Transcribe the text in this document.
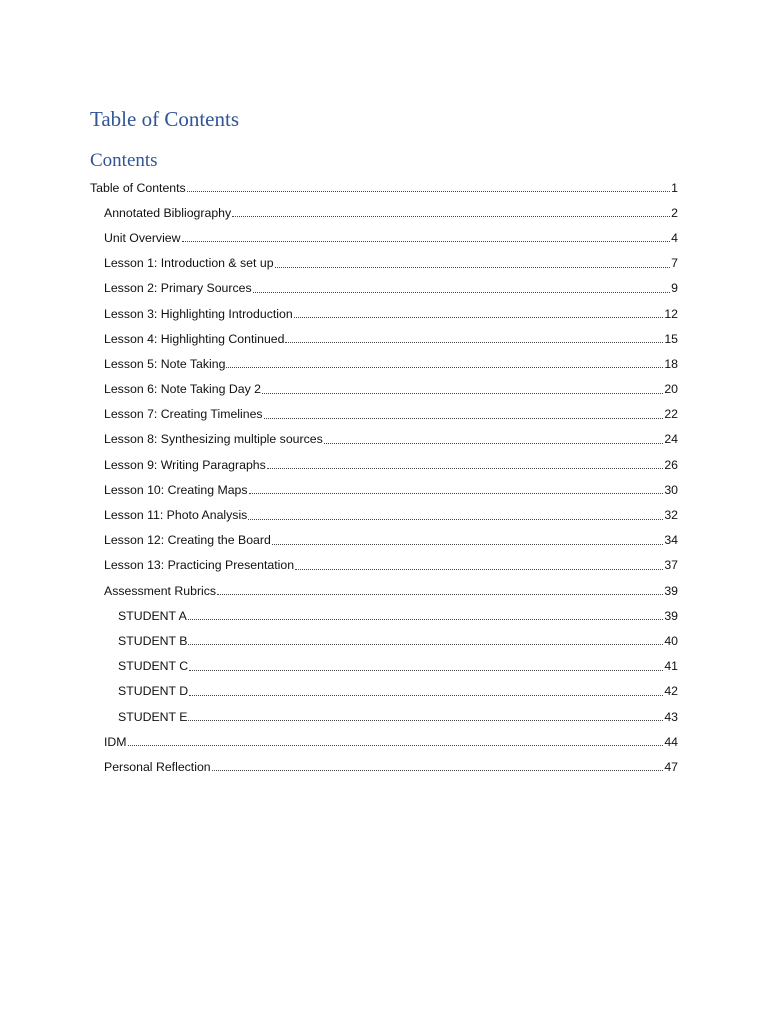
Table of Contents
Contents
Table of Contents	1
Annotated Bibliography	2
Unit Overview	4
Lesson 1: Introduction & set up	7
Lesson 2: Primary Sources	9
Lesson 3: Highlighting Introduction	12
Lesson 4: Highlighting Continued	15
Lesson 5: Note Taking	18
Lesson 6: Note Taking Day 2	20
Lesson 7: Creating Timelines	22
Lesson 8: Synthesizing multiple sources	24
Lesson 9: Writing Paragraphs	26
Lesson 10: Creating Maps	30
Lesson 11: Photo Analysis	32
Lesson 12: Creating the Board	34
Lesson 13: Practicing Presentation	37
Assessment Rubrics	39
STUDENT A	39
STUDENT B	40
STUDENT C	41
STUDENT D	42
STUDENT E	43
IDM	44
Personal Reflection	47
